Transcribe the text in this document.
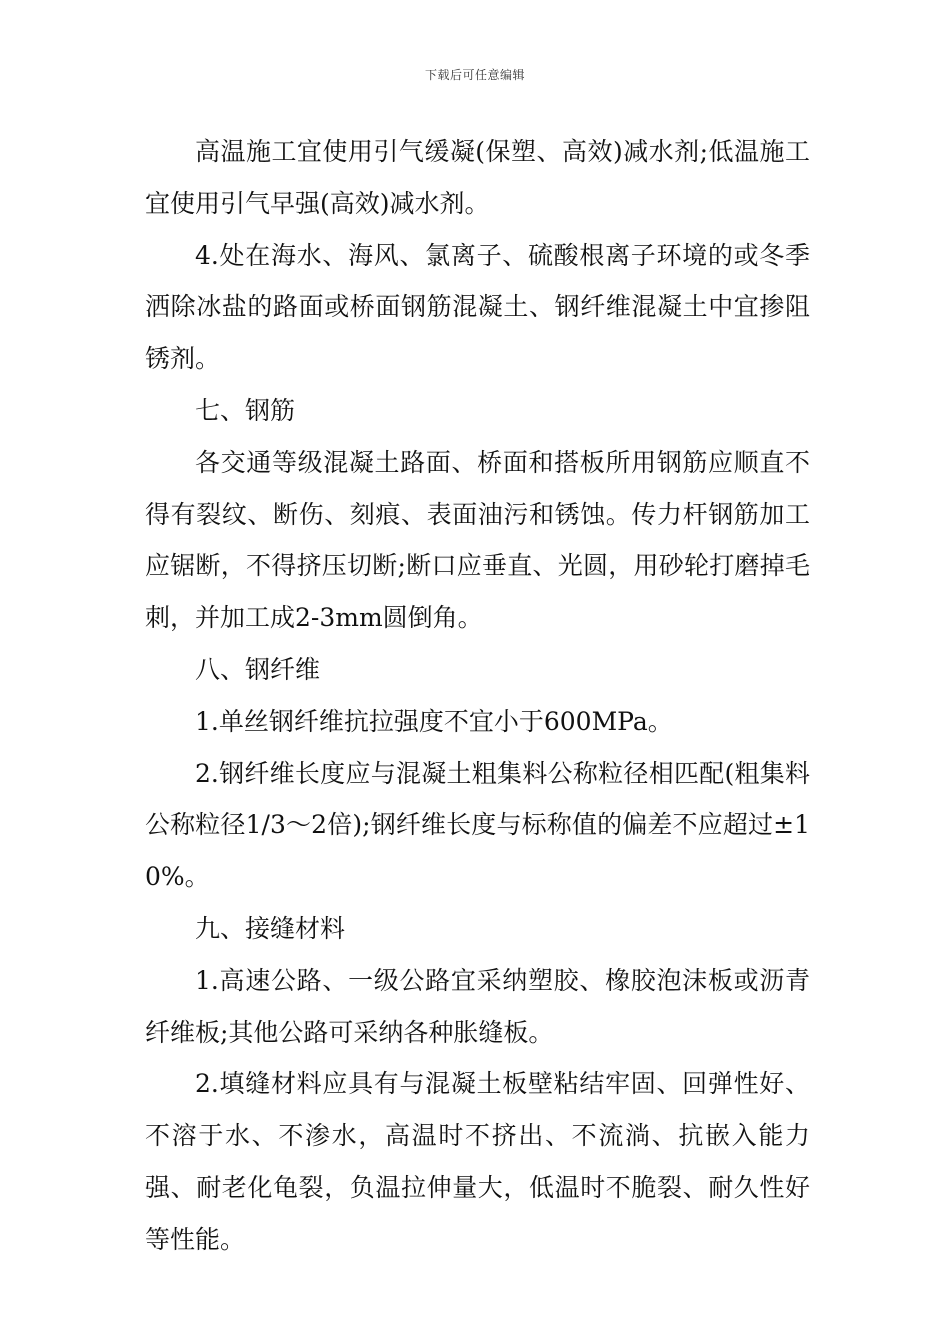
下载后可任意编辑

高温施工宜使用引气缓凝(保塑、高效)减水剂;低温施工宜使用引气早强(高效)减水剂。

4.处在海水、海风、氯离子、硫酸根离子环境的或冬季洒除冰盐的路面或桥面钢筋混凝土、钢纤维混凝土中宜掺阻锈剂。

七、钢筋

各交通等级混凝土路面、桥面和搭板所用钢筋应顺直不得有裂纹、断伤、刻痕、表面油污和锈蚀。传力杆钢筋加工应锯断，不得挤压切断;断口应垂直、光圆，用砂轮打磨掉毛刺，并加工成2-3mm圆倒角。

八、钢纤维

1.单丝钢纤维抗拉强度不宜小于600MPa。

2.钢纤维长度应与混凝土粗集料公称粒径相匹配(粗集料公称粒径1/3～2倍);钢纤维长度与标称值的偏差不应超过±10%。

九、接缝材料

1.高速公路、一级公路宜采纳塑胶、橡胶泡沫板或沥青纤维板;其他公路可采纳各种胀缝板。

2.填缝材料应具有与混凝土板壁粘结牢固、回弹性好、不溶于水、不渗水，高温时不挤出、不流淌、抗嵌入能力强、耐老化龟裂，负温拉伸量大，低温时不脆裂、耐久性好等性能。
